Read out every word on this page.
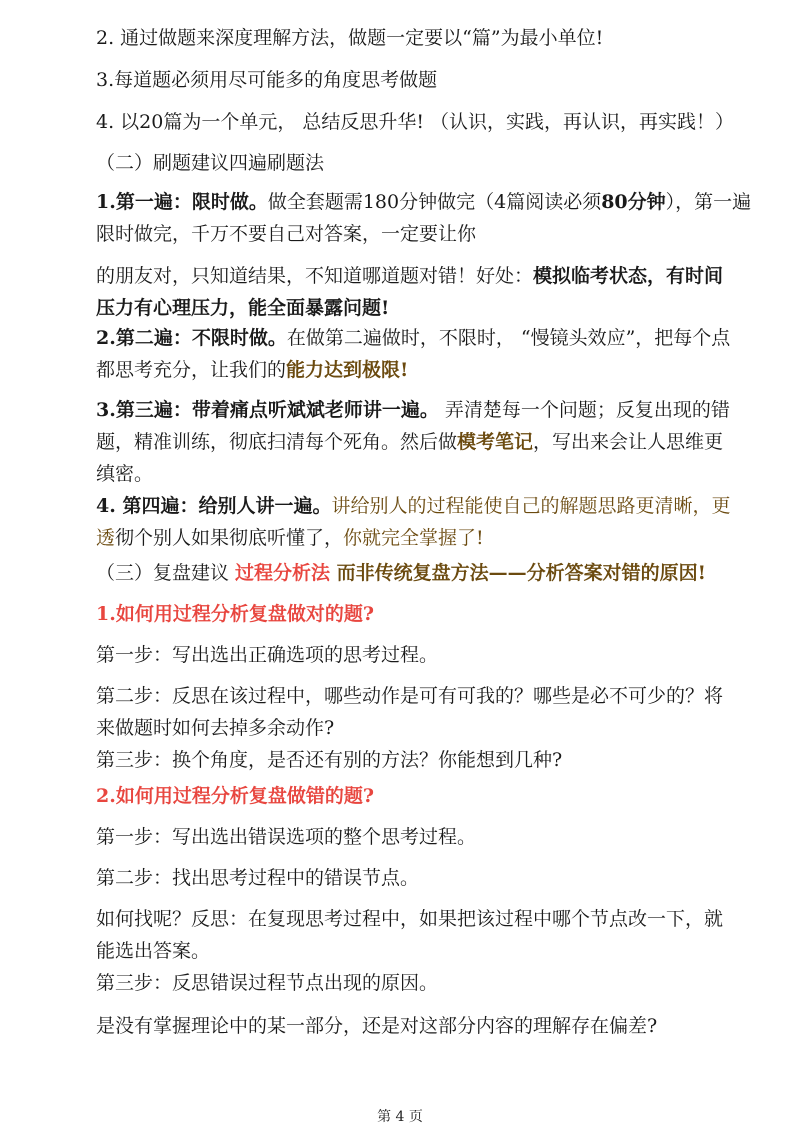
2. 通过做题来深度理解方法，做题一定要以“篇”为最小单位!

3.每道题必须用尽可能多的角度思考做题

4. 以20篇为一个单元， 总结反思升华! （认识，实践，再认识，再实践！）

（二）刷题建议四遍刷题法

1.第一遍：限时做。做全套题需180分钟做完（4篇阅读必须80分钟），第一遍

限时做完，千万不要自己对答案，一定要让你

的朋友对，只知道结果，不知道哪道题对错！好处：模拟临考状态，有时间压力有心理压力，能全面暴露问题!

2.第二遍：不限时做。在做第二遍做时，不限时， “慢镜头效应”，把每个点都思考充分，让我们的能力达到极限!

3.第三遍：带着痛点听斌斌老师讲一遍。 弄清楚每一个问题；反复出现的错题，精准训练，彻底扫清每个死角。然后做模考笔记，写出来会让人思维更缜密。

4. 第四遍：给别人讲一遍。讲给别人的过程能使自己的解题思路更清晰，更透彻个别人如果彻底听懂了，你就完全掌握了!

（三）复盘建议 过程分析法 而非传统复盘方法——分析答案对错的原因!

1.如何用过程分析复盘做对的题?

第一步：写出选出正确选项的思考过程。

第二步：反思在该过程中，哪些动作是可有可我的？哪些是必不可少的？将来做题时如何去掉多余动作?

第三步：换个角度，是否还有别的方法？你能想到几种?

2.如何用过程分析复盘做错的题?

第一步：写出选出错误选项的整个思考过程。

第二步：找出思考过程中的错误节点。

如何找呢？反思：在复现思考过程中，如果把该过程中哪个节点改一下，就能选出答案。

第三步：反思错误过程节点出现的原因。

是没有掌握理论中的某一部分，还是对这部分内容的理解存在偏差?

第 4 页
